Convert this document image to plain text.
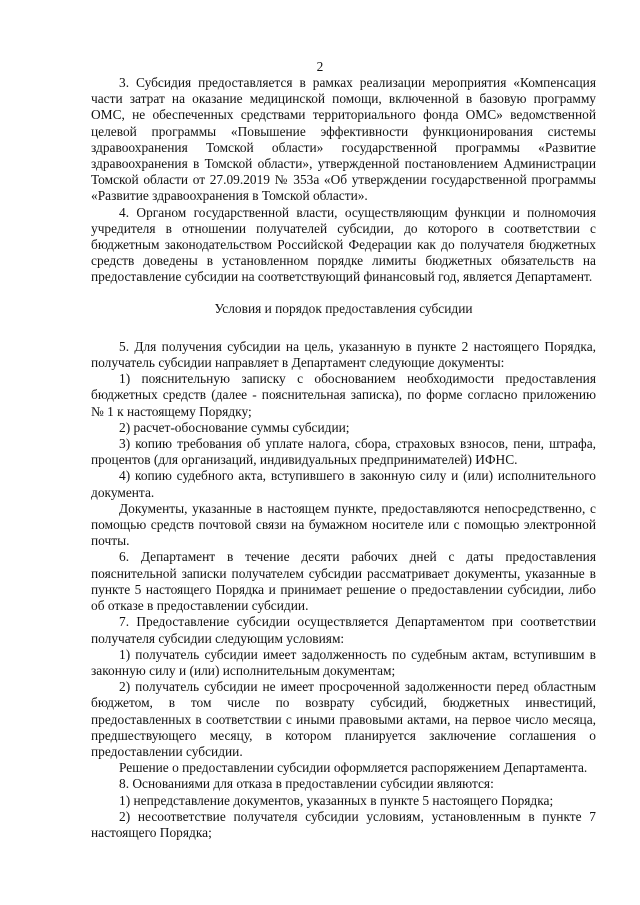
2

3. Субсидия предоставляется в рамках реализации мероприятия «Компенсация части затрат на оказание медицинской помощи, включенной в базовую программу ОМС, не обеспеченных средствами территориального фонда ОМС» ведомственной целевой программы «Повышение эффективности функционирования системы здравоохранения Томской области» государственной программы «Развитие здравоохранения в Томской области», утвержденной постановлением Администрации Томской области от 27.09.2019 № 353а «Об утверждении государственной программы «Развитие здравоохранения в Томской области».

4. Органом государственной власти, осуществляющим функции и полномочия учредителя в отношении получателей субсидии, до которого в соответствии с бюджетным законодательством Российской Федерации как до получателя бюджетных средств доведены в установленном порядке лимиты бюджетных обязательств на предоставление субсидии на соответствующий финансовый год, является Департамент.

Условия и порядок предоставления субсидии

5. Для получения субсидии на цель, указанную в пункте 2 настоящего Порядка, получатель субсидии направляет в Департамент следующие документы:

1) пояснительную записку с обоснованием необходимости предоставления бюджетных средств (далее - пояснительная записка), по форме согласно приложению № 1 к настоящему Порядку;

2) расчет-обоснование суммы субсидии;

3) копию требования об уплате налога, сбора, страховых взносов, пени, штрафа, процентов (для организаций, индивидуальных предпринимателей) ИФНС.

4) копию судебного акта, вступившего в законную силу и (или) исполнительного документа.

Документы, указанные в настоящем пункте, предоставляются непосредственно, с помощью средств почтовой связи на бумажном носителе или с помощью электронной почты.

6. Департамент в течение десяти рабочих дней с даты предоставления пояснительной записки получателем субсидии рассматривает документы, указанные в пункте 5 настоящего Порядка и принимает решение о предоставлении субсидии, либо об отказе в предоставлении субсидии.

7. Предоставление субсидии осуществляется Департаментом при соответствии получателя субсидии следующим условиям:

1) получатель субсидии имеет задолженность по судебным актам, вступившим в законную силу и (или) исполнительным документам;

2) получатель субсидии не имеет просроченной задолженности перед областным бюджетом, в том числе по возврату субсидий, бюджетных инвестиций, предоставленных в соответствии с иными правовыми актами, на первое число месяца, предшествующего месяцу, в котором планируется заключение соглашения о предоставлении субсидии.

Решение о предоставлении субсидии оформляется распоряжением Департамента.

8. Основаниями для отказа в предоставлении субсидии являются:

1) непредставление документов, указанных в пункте 5 настоящего Порядка;

2) несоответствие получателя субсидии условиям, установленным в пункте 7 настоящего Порядка;
